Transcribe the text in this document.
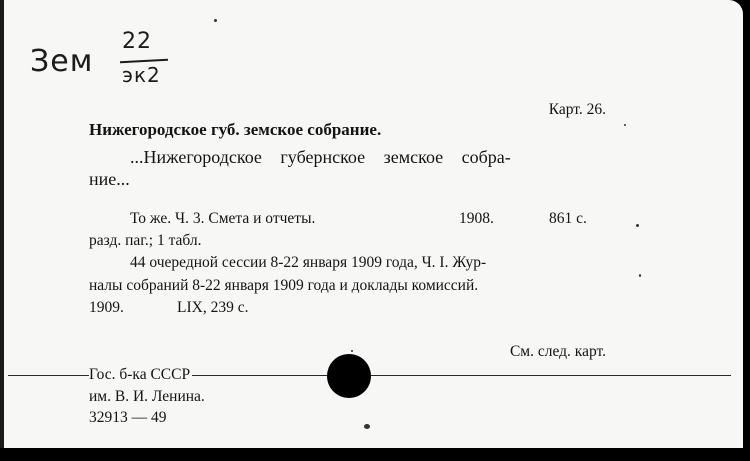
Зем
22
эк2
Карт. 26.
Нижегородское губ. земское собрание.
...Нижегородское губернское земское собра-
ние...
То же. Ч. 3. Смета и отчеты.	1908.	861 с.
разд. паг.; 1 табл.
44 очередной сессии 8-22 января 1909 года, Ч. I. Жур-
налы собраний 8-22 января 1909 года и доклады комиссий.
1909.	LIX, 239 с.
См. след. карт.
Гос. б-ка СССР
им. В. И. Ленина.
32913 — 49
